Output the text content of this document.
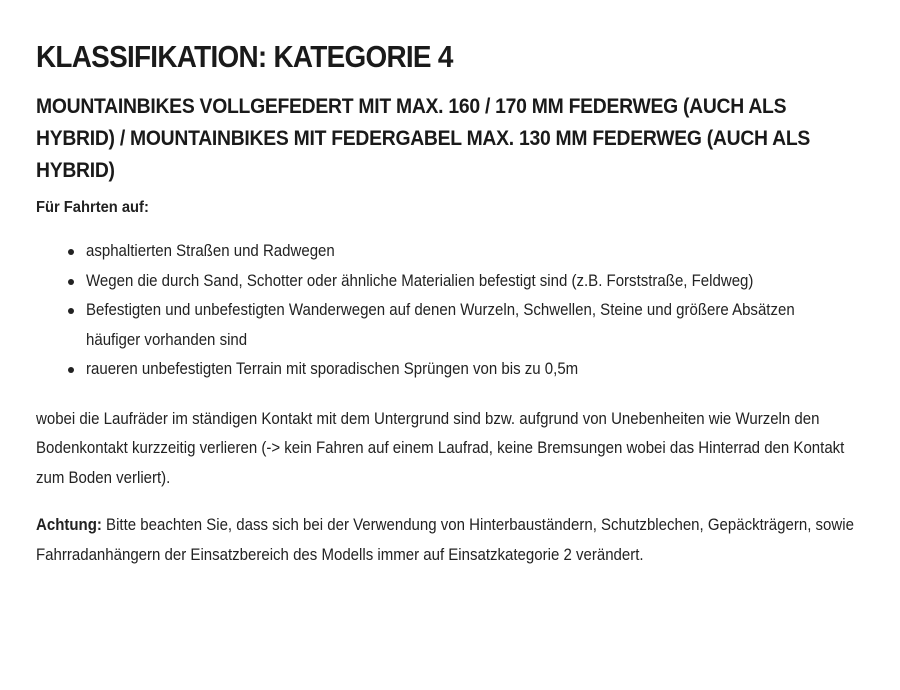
KLASSIFIKATION: KATEGORIE 4
MOUNTAINBIKES VOLLGEFEDERT MIT MAX. 160 / 170 MM FEDERWEG (AUCH ALS HYBRID) / MOUNTAINBIKES MIT FEDERGABEL MAX. 130 MM FEDERWEG (AUCH ALS HYBRID)

Für Fahrten auf:

asphaltierten Straßen und Radwegen
Wegen die durch Sand, Schotter oder ähnliche Materialien befestigt sind (z.B. Forststraße, Feldweg)
Befestigten und unbefestigten Wanderwegen auf denen Wurzeln, Schwellen, Steine und größere Absätzen häufiger vorhanden sind
raueren unbefestigten Terrain mit sporadischen Sprüngen von bis zu 0,5m

wobei die Laufräder im ständigen Kontakt mit dem Untergrund sind bzw. aufgrund von Unebenheiten wie Wurzeln den Bodenkontakt kurzzeitig verlieren (-> kein Fahren auf einem Laufrad, keine Bremsungen wobei das Hinterrad den Kontakt zum Boden verliert).

Achtung: Bitte beachten Sie, dass sich bei der Verwendung von Hinterbauständern, Schutzblechen, Gepäckträgern, sowie Fahrradanhängern der Einsatzbereich des Modells immer auf Einsatzkategorie 2 verändert.
